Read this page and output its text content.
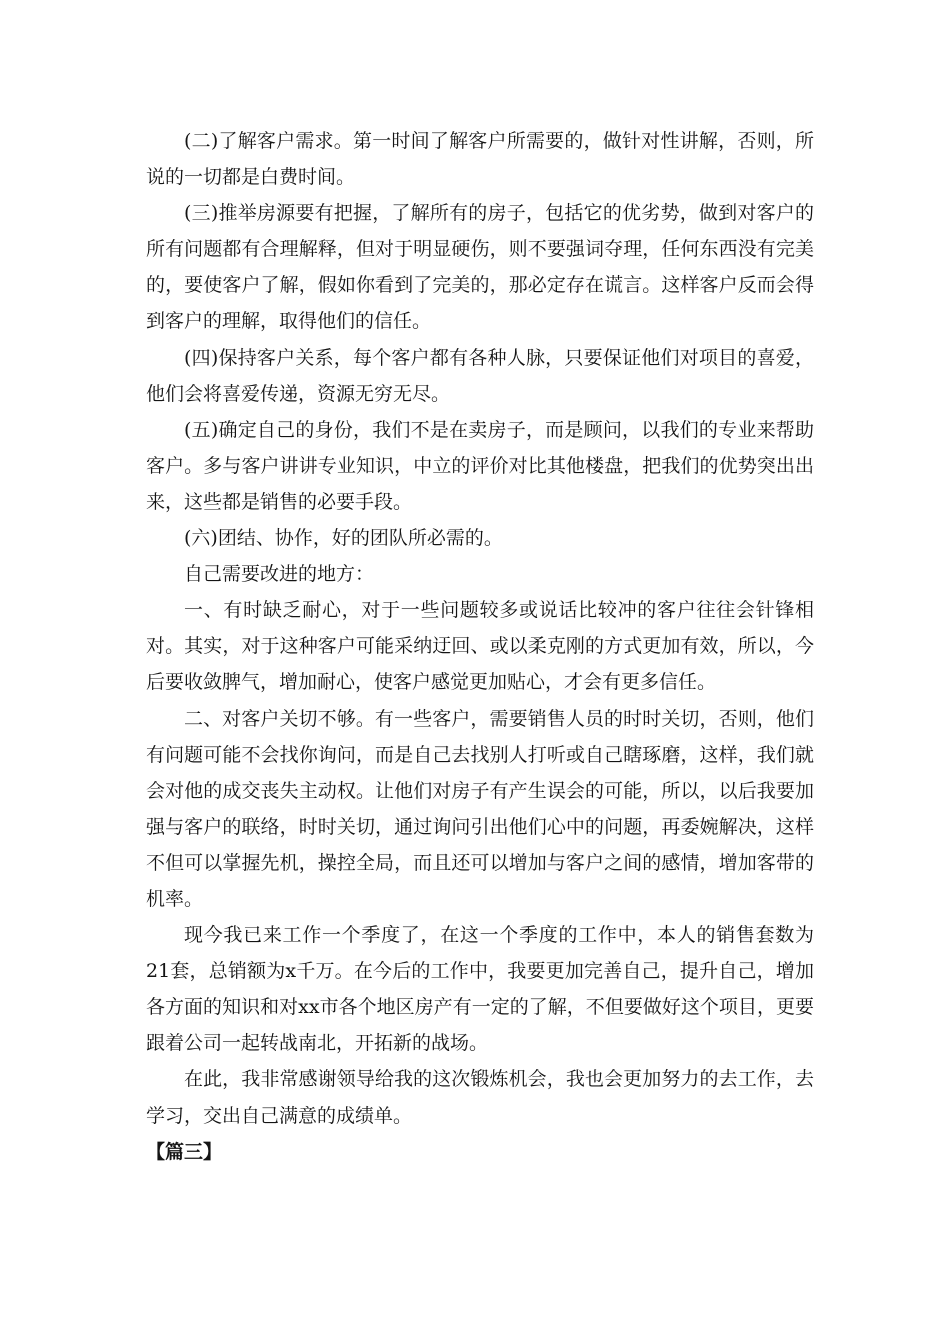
(二)了解客户需求。第一时间了解客户所需要的，做针对性讲解，否则，所说的一切都是白费时间。

(三)推举房源要有把握，了解所有的房子，包括它的优劣势，做到对客户的所有问题都有合理解释，但对于明显硬伤，则不要强词夺理，任何东西没有完美的，要使客户了解，假如你看到了完美的，那必定存在谎言。这样客户反而会得到客户的理解，取得他们的信任。

(四)保持客户关系，每个客户都有各种人脉，只要保证他们对项目的喜爱，他们会将喜爱传递，资源无穷无尽。

(五)确定自己的身份，我们不是在卖房子，而是顾问，以我们的专业来帮助客户。多与客户讲讲专业知识，中立的评价对比其他楼盘，把我们的优势突出出来，这些都是销售的必要手段。

(六)团结、协作，好的团队所必需的。

自己需要改进的地方：

一、有时缺乏耐心，对于一些问题较多或说话比较冲的客户往往会针锋相对。其实，对于这种客户可能采纳迂回、或以柔克刚的方式更加有效，所以，今后要收敛脾气，增加耐心，使客户感觉更加贴心，才会有更多信任。

二、对客户关切不够。有一些客户，需要销售人员的时时关切，否则，他们有问题可能不会找你询问，而是自己去找别人打听或自己瞎琢磨，这样，我们就会对他的成交丧失主动权。让他们对房子有产生误会的可能，所以，以后我要加强与客户的联络，时时关切，通过询问引出他们心中的问题，再委婉解决，这样不但可以掌握先机，操控全局，而且还可以增加与客户之间的感情，增加客带的机率。

现今我已来工作一个季度了，在这一个季度的工作中，本人的销售套数为21套，总销额为x千万。在今后的工作中，我要更加完善自己，提升自己，增加各方面的知识和对xx市各个地区房产有一定的了解，不但要做好这个项目，更要跟着公司一起转战南北，开拓新的战场。

在此，我非常感谢领导给我的这次锻炼机会，我也会更加努力的去工作，去学习，交出自己满意的成绩单。

【篇三】
